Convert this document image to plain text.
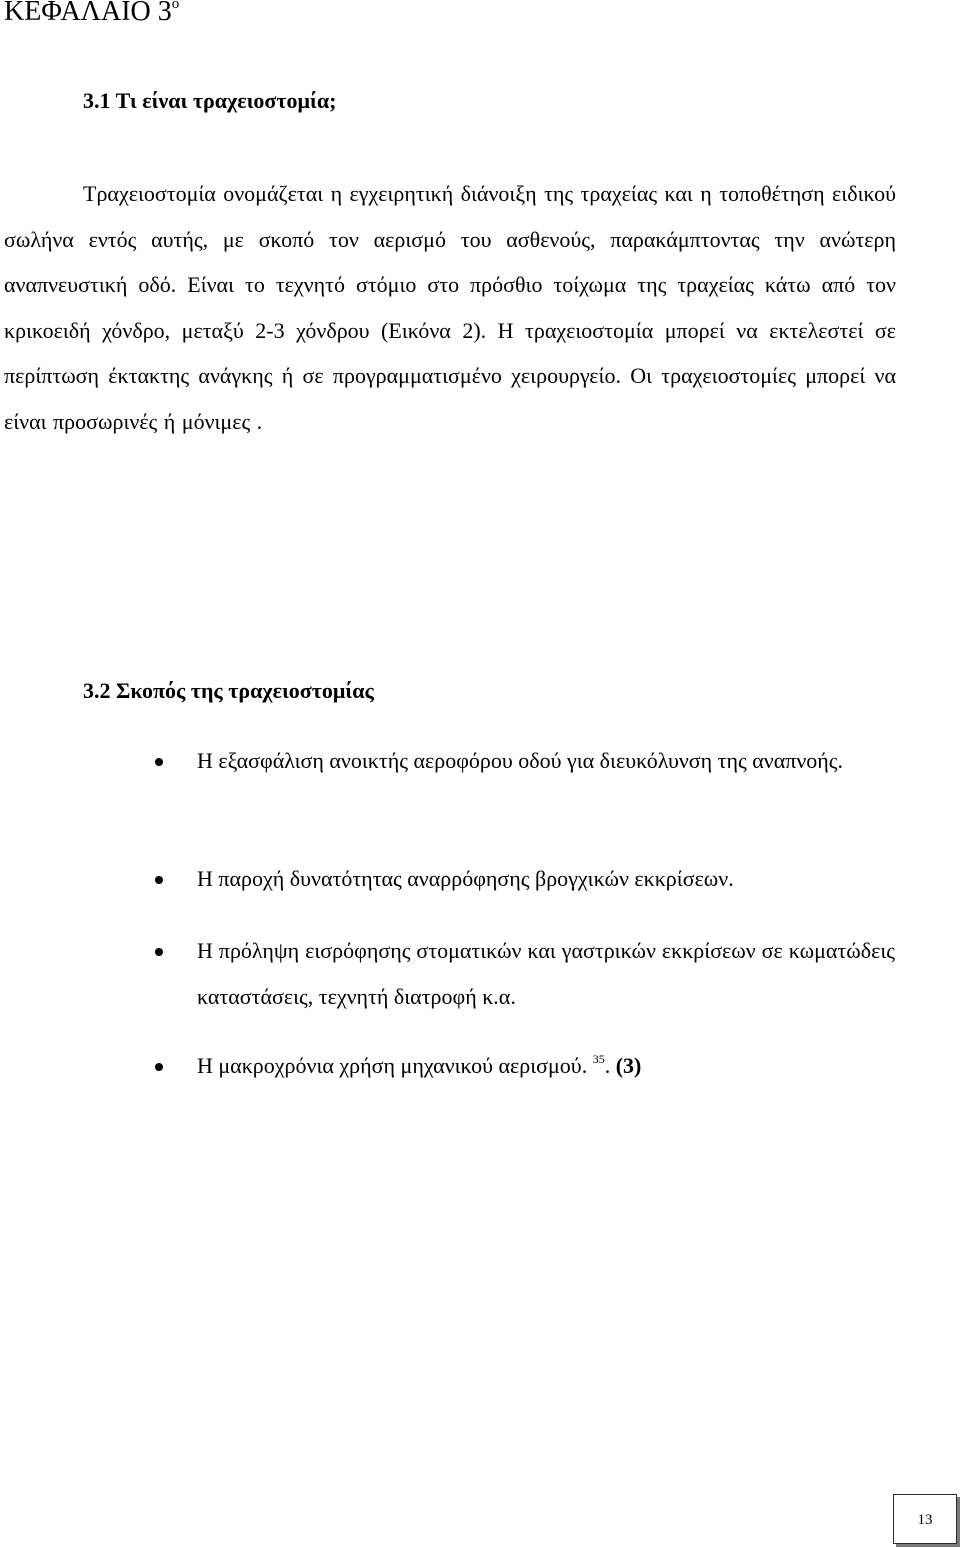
ΚΕΦΑΛΑΙΟ $3^o$
3.1 Τι είναι τραχειοστομία;

Τραχειοστομία ονομάζεται η εγχειρητική διάνοιξη της τραχείας και η τοποθέτηση ειδικού σωλήνα εντός αυτής, με σκοπό τον αερισμό του ασθενούς, παρακάμπτοντας την ανώτερη αναπνευστική οδό. Είναι το τεχνητό στόμιο στο πρόσθιο τοίχωμα της τραχείας κάτω από τον κρικοειδή χόνδρο, μεταξύ 2-3 χόνδρου (Εικόνα 2). Η τραχειοστομία μπορεί να εκτελεστεί σε περίπτωση έκτακτης ανάγκης ή σε προγραμματισμένο χειρουργείο. Οι τραχειοστομίες μπορεί να είναι προσωρινές ή μόνιμες .

3.2 Σκοπός της τραχειοστομίας
Η εξασφάλιση ανοικτής αεροφόρου οδού για διευκόλυνση της αναπνοής.
Η παροχή δυνατότητας αναρρόφησης βρογχικών εκκρίσεων.
Η πρόληψη εισρόφησης στοματικών και γαστρικών εκκρίσεων σε κωματώδεις καταστάσεις, τεχνητή διατροφή κ.α.
Η μακροχρόνια χρήση μηχανικού αερισμού. $^{35}$. (3)
13
